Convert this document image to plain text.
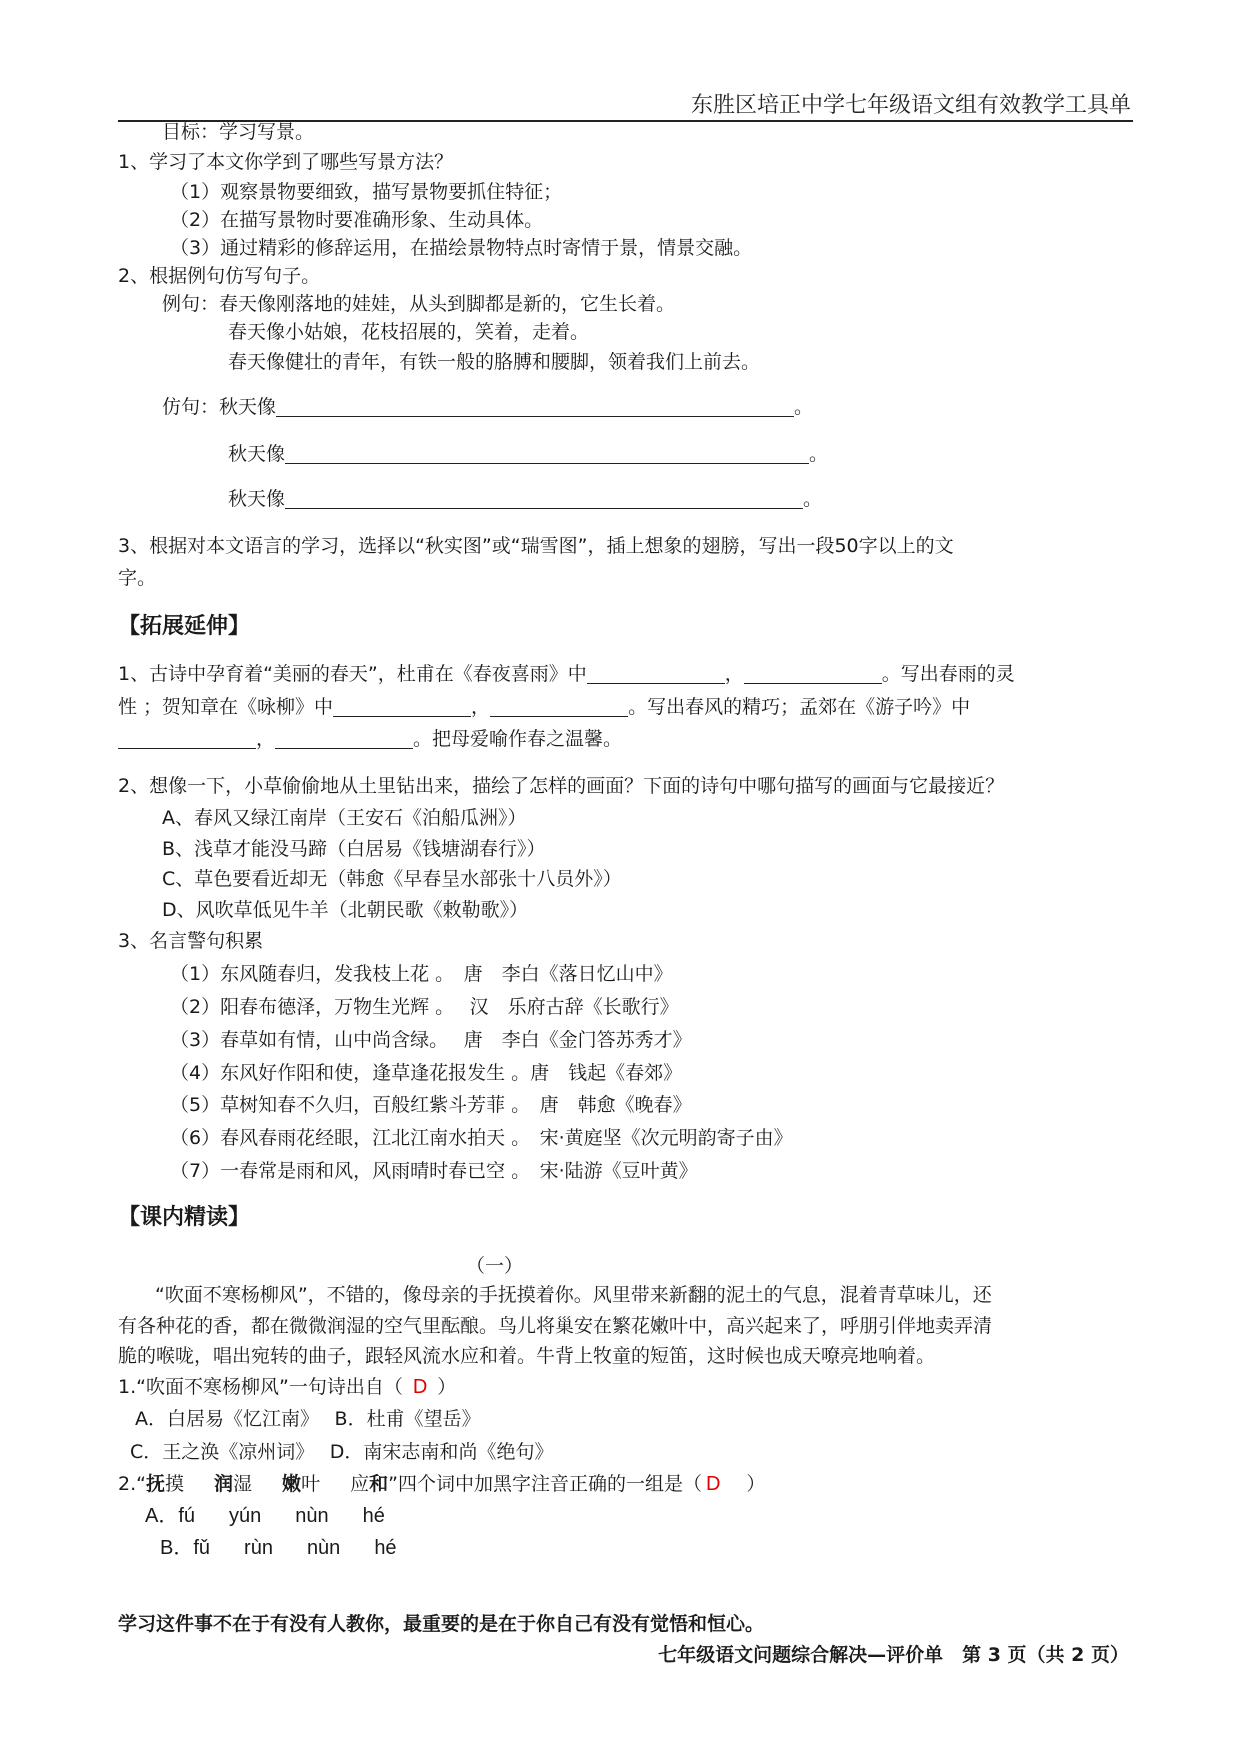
东胜区培正中学七年级语文组有效教学工具单
目标：学习写景。
1、学习了本文你学到了哪些写景方法？
（1）观察景物要细致，描写景物要抓住特征；
（2）在描写景物时要准确形象、生动具体。
（3）通过精彩的修辞运用，在描绘景物特点时寄情于景，情景交融。
2、根据例句仿写句子。
例句：春天像刚落地的娃娃，从头到脚都是新的，它生长着。
春天像小姑娘，花枝招展的，笑着，走着。
春天像健壮的青年，有铁一般的胳膊和腰脚，领着我们上前去。
仿句：秋天像	。
秋天像	。
秋天像	。
3、根据对本文语言的学习，选择以“秋实图”或“瑞雪图”，插上想象的翅膀，写出一段50字以上的文
字。
【拓展延伸】
1、古诗中孕育着“美丽的春天”，杜甫在《春夜喜雨》中	，	。写出春雨的灵
性 ；贺知章在《咏柳》中	，	。写出春风的精巧；孟郊在《游子吟》中
，	。把母爱喻作春之温馨。
2、想像一下，小草偷偷地从土里钻出来，描绘了怎样的画面？下面的诗句中哪句描写的画面与它最接近？
A、春风又绿江南岸（王安石《泊船瓜洲》）
B、浅草才能没马蹄（白居易《钱塘湖春行》）
C、草色要看近却无（韩愈《早春呈水部张十八员外》）
D、风吹草低见牛羊（北朝民歌《敕勒歌》）
3、名言警句积累
（1）东风随春归，发我枝上花 。　唐　李白《落日忆山中》
（2）阳春布德泽，万物生光辉 。　 汉　乐府古辞《长歌行》
（3）春草如有情，山中尚含绿。　 唐　李白《金门答苏秀才》
（4）东风好作阳和使，逢草逢花报发生 。唐　钱起《春郊》
（5）草树知春不久归，百般红紫斗芳菲 。　唐　韩愈《晚春》
（6）春风春雨花经眼，江北江南水拍天 。　宋·黄庭坚《次元明韵寄子由》
（7）一春常是雨和风，风雨晴时春已空 。　宋·陆游《豆叶黄》
【课内精读】
（一）
“吹面不寒杨柳风”，不错的，像母亲的手抚摸着你。风里带来新翻的泥土的气息，混着青草味儿，还
有各种花的香，都在微微润湿的空气里酝酿。鸟儿将巢安在繁花嫩叶中，高兴起来了，呼朋引伴地卖弄清
脆的喉咙，唱出宛转的曲子，跟轻风流水应和着。牛背上牧童的短笛，这时候也成天嘹亮地响着。
1.“吹面不寒杨柳风”一句诗出自（ D ）
A．白居易《忆江南》　 B．杜甫《望岳》
C．王之涣《凉州词》　 D．南宋志南和尚《绝句》
2.“抚摸 润湿 嫩叶 应和”四个词中加黑字注音正确的一组是（ D ）
A．fú yún nùn hé
B．fǔ rùn nùn hé
学习这件事不在于有没有人教你，最重要的是在于你自己有没有觉悟和恒心。
七年级语文问题综合解决—评价单　第 3 页（共 2 页）
